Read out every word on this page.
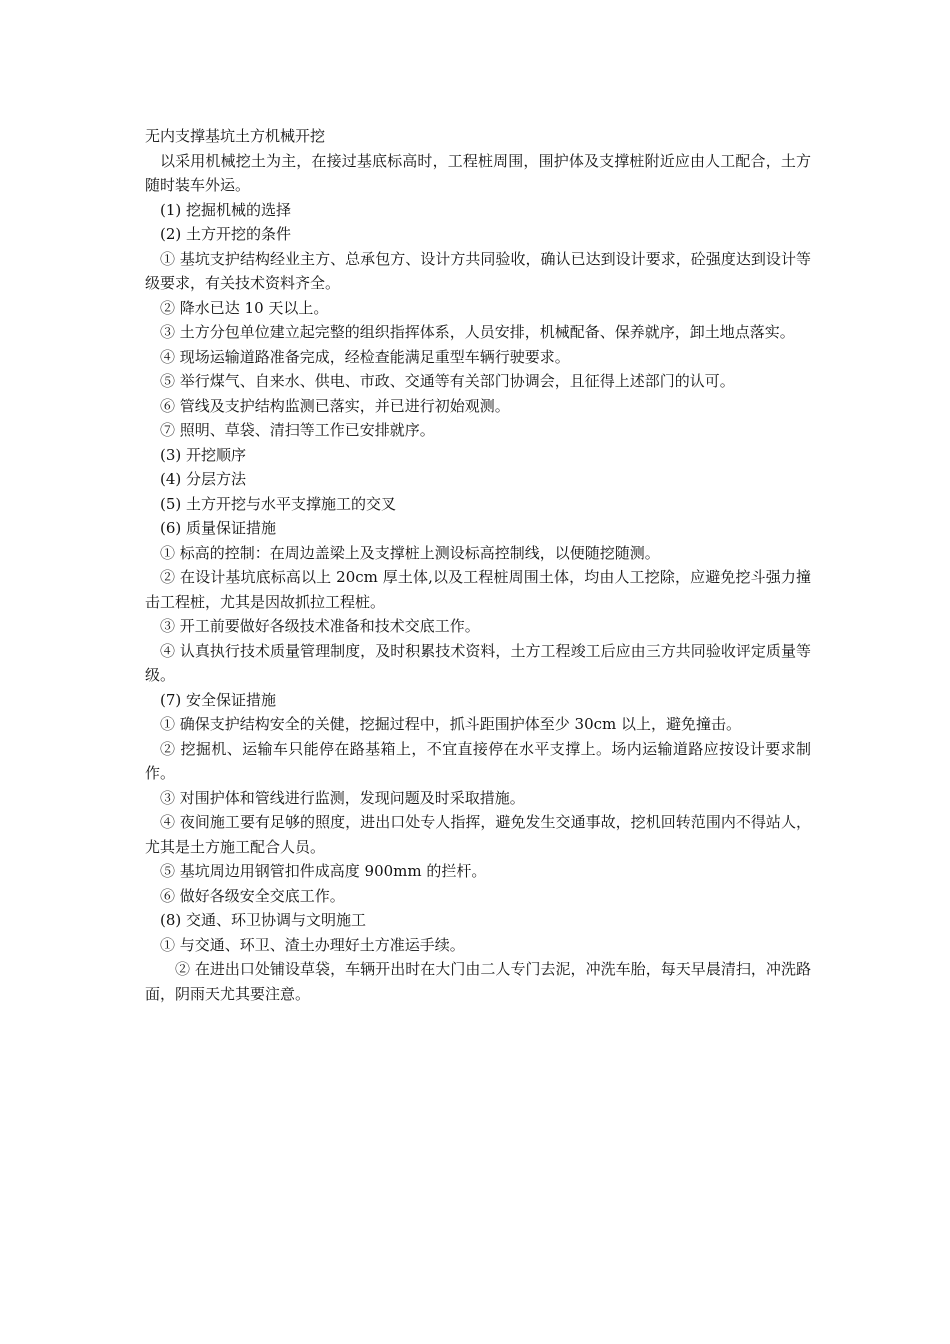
无内支撑基坑土方机械开挖

以采用机械挖土为主，在接过基底标高时，工程桩周围，围护体及支撑桩附近应由人工配合，土方随时装车外运。

(1) 挖掘机械的选择

(2) 土方开挖的条件

① 基坑支护结构经业主方、总承包方、设计方共同验收，确认已达到设计要求，砼强度达到设计等级要求，有关技术资料齐全。

② 降水已达 10 天以上。

③ 土方分包单位建立起完整的组织指挥体系，人员安排，机械配备、保养就序，卸土地点落实。

④ 现场运输道路准备完成，经检查能满足重型车辆行驶要求。

⑤ 举行煤气、自来水、供电、市政、交通等有关部门协调会，且征得上述部门的认可。

⑥ 管线及支护结构监测已落实，并已进行初始观测。

⑦ 照明、草袋、清扫等工作已安排就序。

(3) 开挖顺序

(4) 分层方法

(5) 土方开挖与水平支撑施工的交叉

(6) 质量保证措施

① 标高的控制：在周边盖梁上及支撑桩上测设标高控制线，以便随挖随测。

② 在设计基坑底标高以上 20cm 厚土体,以及工程桩周围土体，均由人工挖除，应避免挖斗强力撞击工程桩，尤其是因故抓拉工程桩。

③ 开工前要做好各级技术准备和技术交底工作。

④ 认真执行技术质量管理制度，及时积累技术资料，土方工程竣工后应由三方共同验收评定质量等级。

(7) 安全保证措施

① 确保支护结构安全的关健，挖掘过程中，抓斗距围护体至少 30cm 以上，避免撞击。

② 挖掘机、运输车只能停在路基箱上，不宜直接停在水平支撑上。场内运输道路应按设计要求制作。

③ 对围护体和管线进行监测，发现问题及时采取措施。

④ 夜间施工要有足够的照度，进出口处专人指挥，避免发生交通事故，挖机回转范围内不得站人，尤其是土方施工配合人员。

⑤ 基坑周边用钢管扣件成高度 900mm 的拦杆。

⑥ 做好各级安全交底工作。

(8) 交通、环卫协调与文明施工

① 与交通、环卫、渣土办理好土方准运手续。

② 在进出口处铺设草袋，车辆开出时在大门由二人专门去泥，冲洗车胎，每天早晨清扫，冲洗路面，阴雨天尤其要注意。
